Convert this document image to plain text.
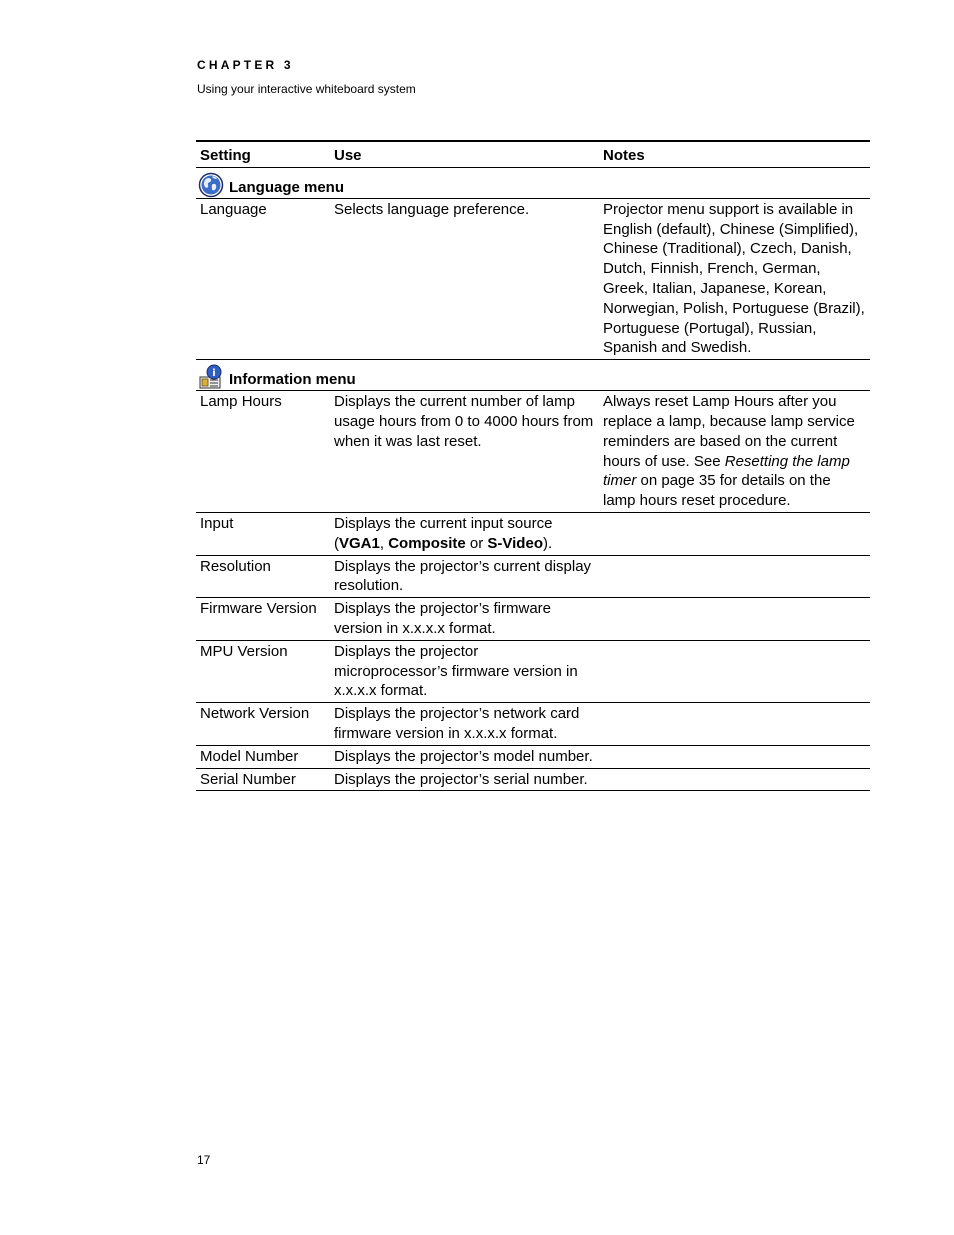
CHAPTER 3
Using your interactive whiteboard system
Setting	Use	Notes

Language menu		

Language	Selects language preference.	Projector menu support is available in English (default), Chinese (Simplified), Chinese (Traditional), Czech, Danish, Dutch, Finnish, French, German, Greek, Italian, Japanese, Korean, Norwegian, Polish, Portuguese (Brazil), Portuguese (Portugal), Russian, Spanish and Swedish.

i Information menu		

Lamp Hours	Displays the current number of lamp usage hours from 0 to 4000 hours from when it was last reset.	Always reset Lamp Hours after you replace a lamp, because lamp service reminders are based on the current hours of use. See Resetting the lamp timer on page 35 for details on the lamp hours reset procedure.
Input	Displays the current input source (VGA1, Composite or S-Video).	
Resolution	Displays the projector’s current display resolution.	
Firmware Version	Displays the projector’s firmware version in x.x.x.x format.	
MPU Version	Displays the projector microprocessor’s firmware version in x.x.x.x format.	
Network Version	Displays the projector’s network card firmware version in x.x.x.x format.	
Model Number	Displays the projector’s model number.	
Serial Number	Displays the projector’s serial number.	
17
